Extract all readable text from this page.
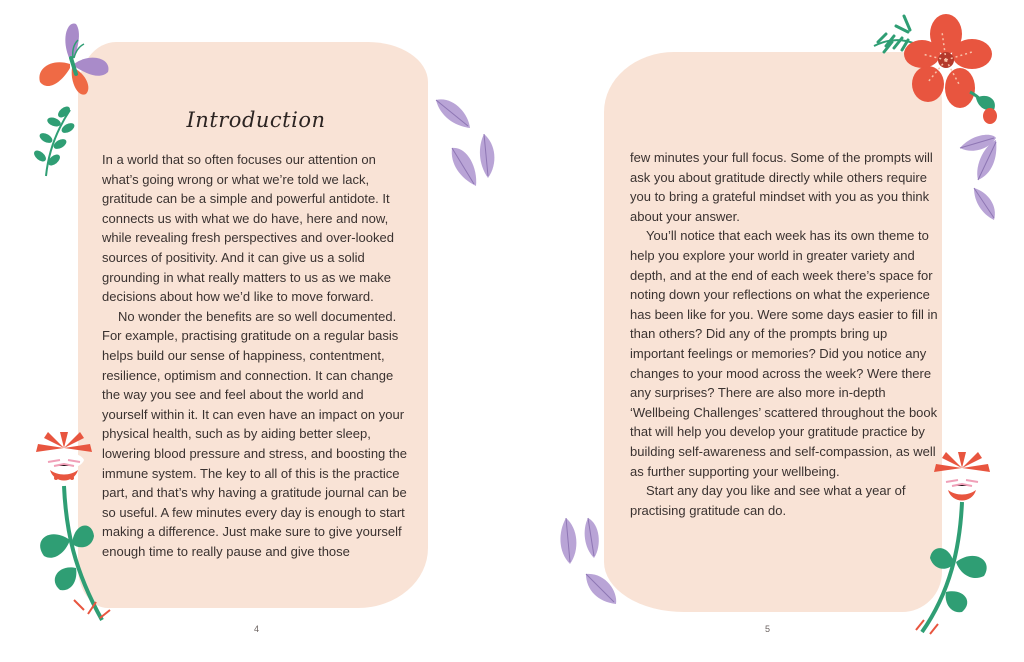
Introduction

In a world that so often focuses our attention on what’s going wrong or what we’re told we lack, gratitude can be a simple and powerful antidote. It connects us with what we do have, here and now, while revealing fresh perspectives and over-looked sources of positivity. And it can give us a solid grounding in what really matters to us as we make decisions about how we’d like to move forward.

No wonder the benefits are so well documented. For example, practising gratitude on a regular basis helps build our sense of happiness, contentment, resilience, optimism and connection. It can change the way you see and feel about the world and yourself within it. It can even have an impact on your physical health, such as by aiding better sleep, lowering blood pressure and stress, and boosting the immune system. The key to all of this is the practice part, and that’s why having a gratitude journal can be so useful. A few minutes every day is enough to start making a difference. Just make sure to give yourself enough time to really pause and give those

4

few minutes your full focus. Some of the prompts will ask you about gratitude directly while others require you to bring a grateful mindset with you as you think about your answer.

You’ll notice that each week has its own theme to help you explore your world in greater variety and depth, and at the end of each week there’s space for noting down your reflections on what the experience has been like for you. Were some days easier to fill in than others? Did any of the prompts bring up important feelings or memories? Did you notice any changes to your mood across the week? Were there any surprises? There are also more in-depth ‘Wellbeing Challenges’ scattered throughout the book that will help you develop your gratitude practice by building self-awareness and self-compassion, as well as further supporting your wellbeing.

Start any day you like and see what a year of practising gratitude can do.

5
